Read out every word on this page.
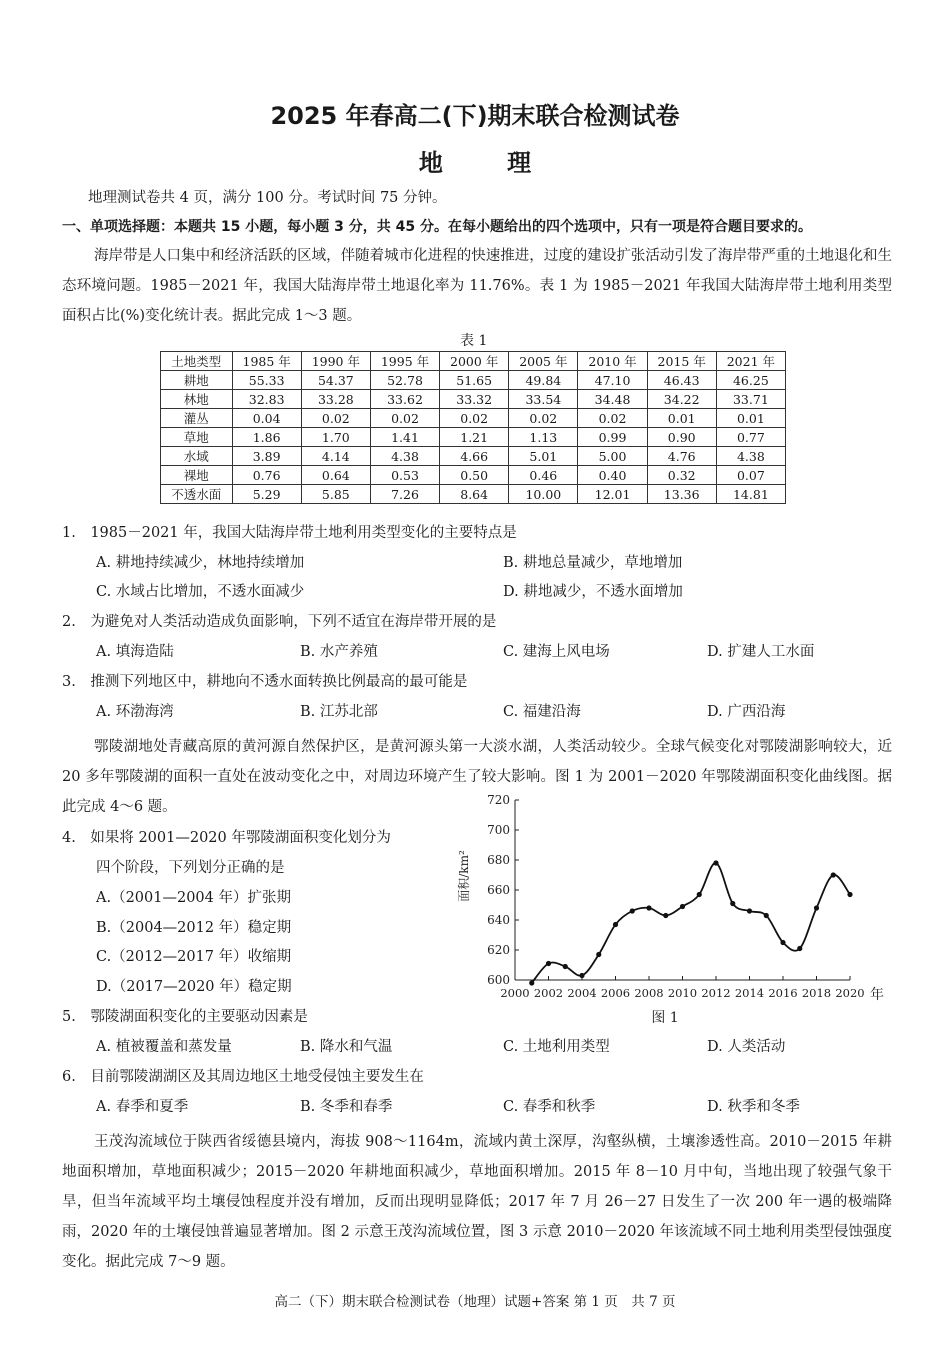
2025 年春高二(下)期末联合检测试卷
地 理
地理测试卷共 4 页，满分 100 分。考试时间 75 分钟。
一、单项选择题：本题共 15 小题，每小题 3 分，共 45 分。在每小题给出的四个选项中，只有一项是符合题目要求的。
海岸带是人口集中和经济活跃的区域，伴随着城市化进程的快速推进，过度的建设扩张活动引发了海岸带严重的土地退化和生态环境问题。1985－2021 年，我国大陆海岸带土地退化率为 11.76%。表 1 为 1985－2021 年我国大陆海岸带土地利用类型面积占比(%)变化统计表。据此完成 1～3 题。
表 1
土地类型	1985 年	1990 年	1995 年	2000 年	2005 年	2010 年	2015 年	2021 年
耕地	55.33	54.37	52.78	51.65	49.84	47.10	46.43	46.25
林地	32.83	33.28	33.62	33.32	33.54	34.48	34.22	33.71
灌丛	0.04	0.02	0.02	0.02	0.02	0.02	0.01	0.01
草地	1.86	1.70	1.41	1.21	1.13	0.99	0.90	0.77
水域	3.89	4.14	4.38	4.66	5.01	5.00	4.76	4.38
裸地	0.76	0.64	0.53	0.50	0.46	0.40	0.32	0.07
不透水面	5.29	5.85	7.26	8.64	10.00	12.01	13.36	14.81
1.　1985－2021 年，我国大陆海岸带土地利用类型变化的主要特点是
A. 耕地持续减少，林地持续增加	B. 耕地总量减少，草地增加
C. 水域占比增加，不透水面减少	D. 耕地减少，不透水面增加
2.　为避免对人类活动造成负面影响，下列不适宜在海岸带开展的是
A. 填海造陆	B. 水产养殖	C. 建海上风电场	D. 扩建人工水面
3.　推测下列地区中，耕地向不透水面转换比例最高的最可能是
A. 环渤海湾	B. 江苏北部	C. 福建沿海	D. 广西沿海
鄂陵湖地处青藏高原的黄河源自然保护区，是黄河源头第一大淡水湖，人类活动较少。全球气候变化对鄂陵湖影响较大，近 20 多年鄂陵湖的面积一直处在波动变化之中，对周边环境产生了较大影响。图 1 为 2001－2020 年鄂陵湖面积变化曲线图。据此完成 4～6 题。
4.　如果将 2001—2020 年鄂陵湖面积变化划分为
四个阶段，下列划分正确的是
A.（2001—2004 年）扩张期
B.（2004—2012 年）稳定期
C.（2012—2017 年）收缩期
D.（2017—2020 年）稳定期
面积/km²
年
图 1
600
620
640
660
680
700
720
2000 2002 2004 2006 2008 2010 2012 2014 2016 2018 2020
5.　鄂陵湖面积变化的主要驱动因素是
A. 植被覆盖和蒸发量	B. 降水和气温	C. 土地利用类型	D. 人类活动
6.　目前鄂陵湖湖区及其周边地区土地受侵蚀主要发生在
A. 春季和夏季	B. 冬季和春季	C. 春季和秋季	D. 秋季和冬季
王茂沟流域位于陕西省绥德县境内，海拔 908～1164m，流域内黄土深厚，沟壑纵横，土壤渗透性高。2010－2015 年耕地面积增加，草地面积减少；2015－2020 年耕地面积减少，草地面积增加。2015 年 8－10 月中旬，当地出现了较强气象干旱，但当年流域平均土壤侵蚀程度并没有增加，反而出现明显降低；2017 年 7 月 26－27 日发生了一次 200 年一遇的极端降雨，2020 年的土壤侵蚀普遍显著增加。图 2 示意王茂沟流域位置，图 3 示意 2010－2020 年该流域不同土地利用类型侵蚀强度变化。据此完成 7～9 题。
高二（下）期末联合检测试卷（地理）试题+答案 第 1 页　共 7 页
